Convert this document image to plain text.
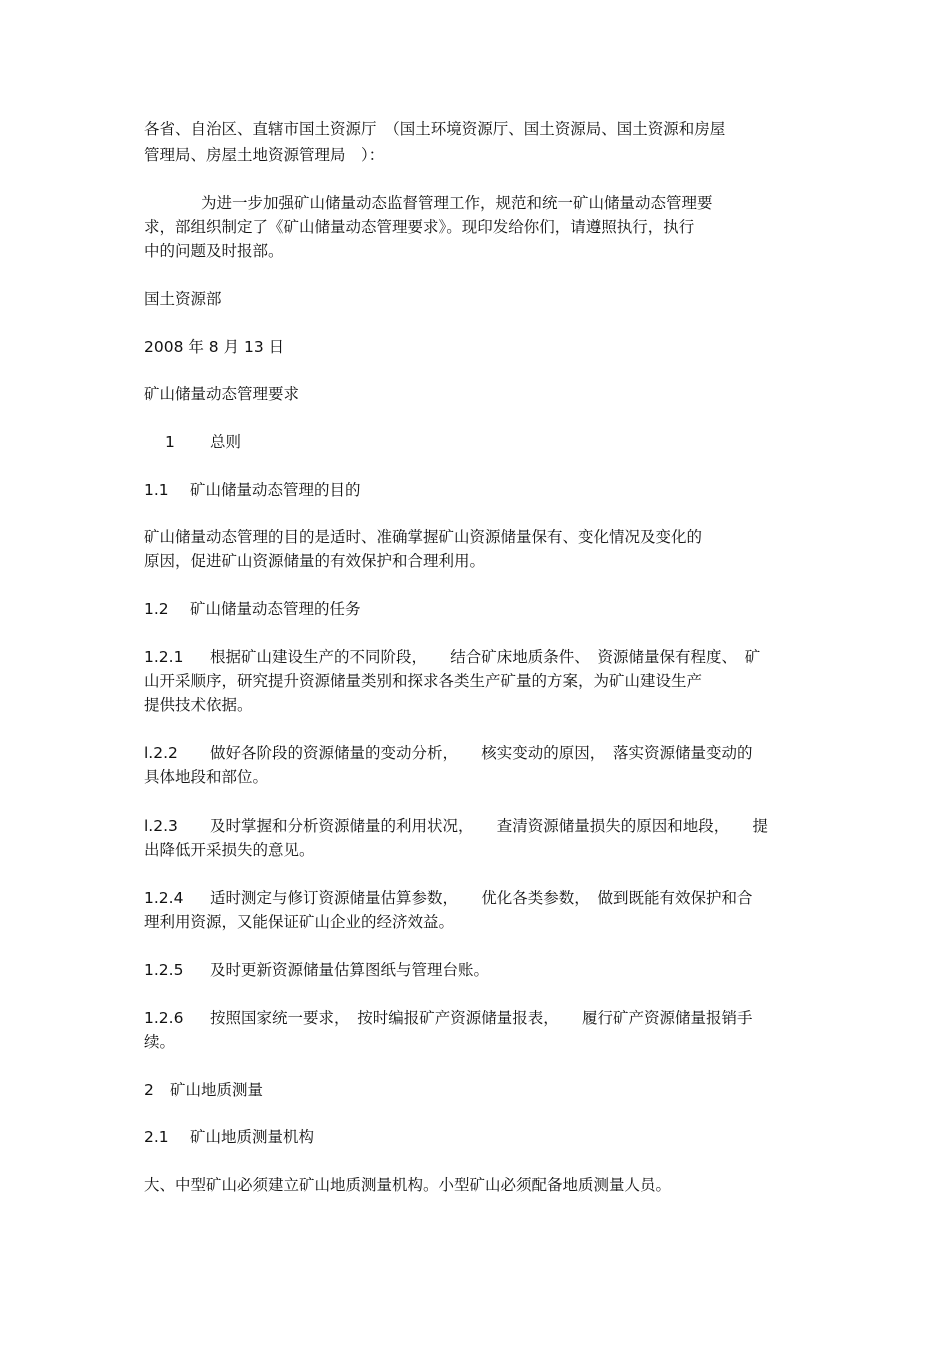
各省、自治区、直辖市国土资源厅　（国土环境资源厅、国土资源局、国土资源和房屋
管理局、房屋土地资源管理局　）：
为进一步加强矿山储量动态监督管理工作，规范和统一矿山储量动态管理要
求，部组织制定了《矿山储量动态管理要求》。现印发给你们，请遵照执行，执行
中的问题及时报部。
国土资源部
2008 年 8 月 13 日
矿山储量动态管理要求
1 总则
1.1 矿山储量动态管理的目的
矿山储量动态管理的目的是适时、准确掌握矿山资源储量保有、变化情况及变化的
原因，促进矿山资源储量的有效保护和合理利用。
1.2 矿山储量动态管理的任务
1.2.1 根据矿山建设生产的不同阶段，　　结合矿床地质条件、　资源储量保有程度、　矿
山开采顺序，研究提升资源储量类别和探求各类生产矿量的方案，为矿山建设生产
提供技术依据。
l.2.2 做好各阶段的资源储量的变动分析，　　核实变动的原因，　落实资源储量变动的
具体地段和部位。
l.2.3 及时掌握和分析资源储量的利用状况，　　查清资源储量损失的原因和地段，　　提
出降低开采损失的意见。
1.2.4 适时测定与修订资源储量估算参数，　　优化各类参数，　做到既能有效保护和合
理利用资源，又能保证矿山企业的经济效益。
1.2.5 及时更新资源储量估算图纸与管理台账。
1.2.6 按照国家统一要求，　按时编报矿产资源储量报表，　　履行矿产资源储量报销手
续。
2 矿山地质测量
2.1 矿山地质测量机构
大、中型矿山必须建立矿山地质测量机构。小型矿山必须配备地质测量人员。
